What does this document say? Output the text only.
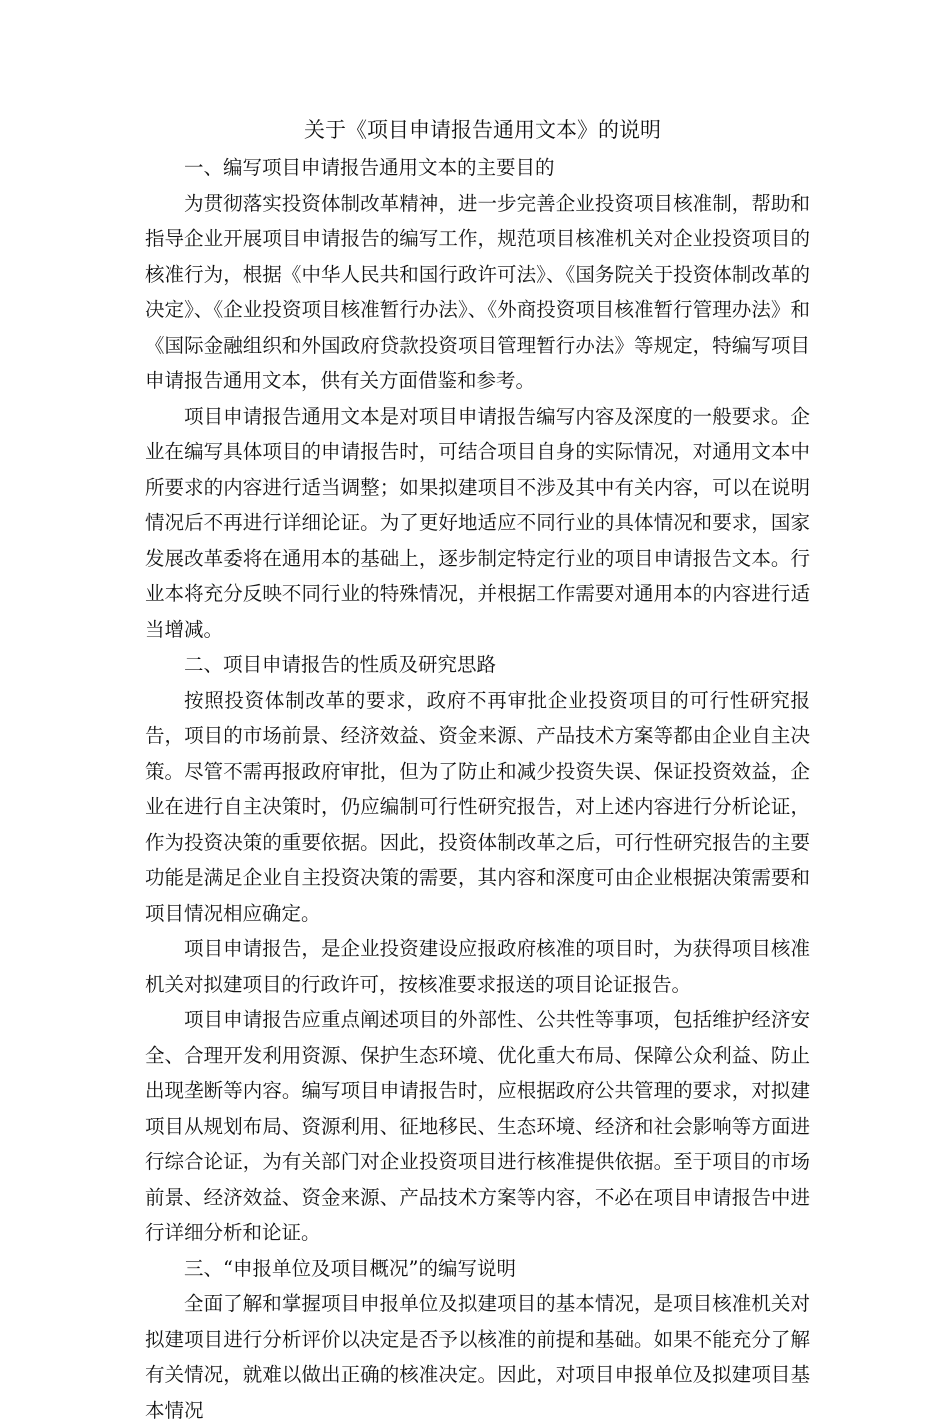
关于《项目申请报告通用文本》的说明

一、编写项目申请报告通用文本的主要目的

为贯彻落实投资体制改革精神，进一步完善企业投资项目核准制，帮助和指导企业开展项目申请报告的编写工作，规范项目核准机关对企业投资项目的核准行为，根据《中华人民共和国行政许可法》、《国务院关于投资体制改革的决定》、《企业投资项目核准暂行办法》、《外商投资项目核准暂行管理办法》和《国际金融组织和外国政府贷款投资项目管理暂行办法》等规定，特编写项目申请报告通用文本，供有关方面借鉴和参考。

项目申请报告通用文本是对项目申请报告编写内容及深度的一般要求。企业在编写具体项目的申请报告时，可结合项目自身的实际情况，对通用文本中所要求的内容进行适当调整；如果拟建项目不涉及其中有关内容，可以在说明情况后不再进行详细论证。为了更好地适应不同行业的具体情况和要求，国家发展改革委将在通用本的基础上，逐步制定特定行业的项目申请报告文本。行业本将充分反映不同行业的特殊情况，并根据工作需要对通用本的内容进行适当增减。

二、项目申请报告的性质及研究思路

按照投资体制改革的要求，政府不再审批企业投资项目的可行性研究报告，项目的市场前景、经济效益、资金来源、产品技术方案等都由企业自主决策。尽管不需再报政府审批，但为了防止和减少投资失误、保证投资效益，企业在进行自主决策时，仍应编制可行性研究报告，对上述内容进行分析论证，作为投资决策的重要依据。因此，投资体制改革之后，可行性研究报告的主要功能是满足企业自主投资决策的需要，其内容和深度可由企业根据决策需要和项目情况相应确定。

项目申请报告，是企业投资建设应报政府核准的项目时，为获得项目核准机关对拟建项目的行政许可，按核准要求报送的项目论证报告。

项目申请报告应重点阐述项目的外部性、公共性等事项，包括维护经济安全、合理开发利用资源、保护生态环境、优化重大布局、保障公众利益、防止出现垄断等内容。编写项目申请报告时，应根据政府公共管理的要求，对拟建项目从规划布局、资源利用、征地移民、生态环境、经济和社会影响等方面进行综合论证，为有关部门对企业投资项目进行核准提供依据。至于项目的市场前景、经济效益、资金来源、产品技术方案等内容，不必在项目申请报告中进行详细分析和论证。

三、“申报单位及项目概况”的编写说明

全面了解和掌握项目申报单位及拟建项目的基本情况，是项目核准机关对拟建项目进行分析评价以决定是否予以核准的前提和基础。如果不能充分了解有关情况，就难以做出正确的核准决定。因此，对项目申报单位及拟建项目基本情况
